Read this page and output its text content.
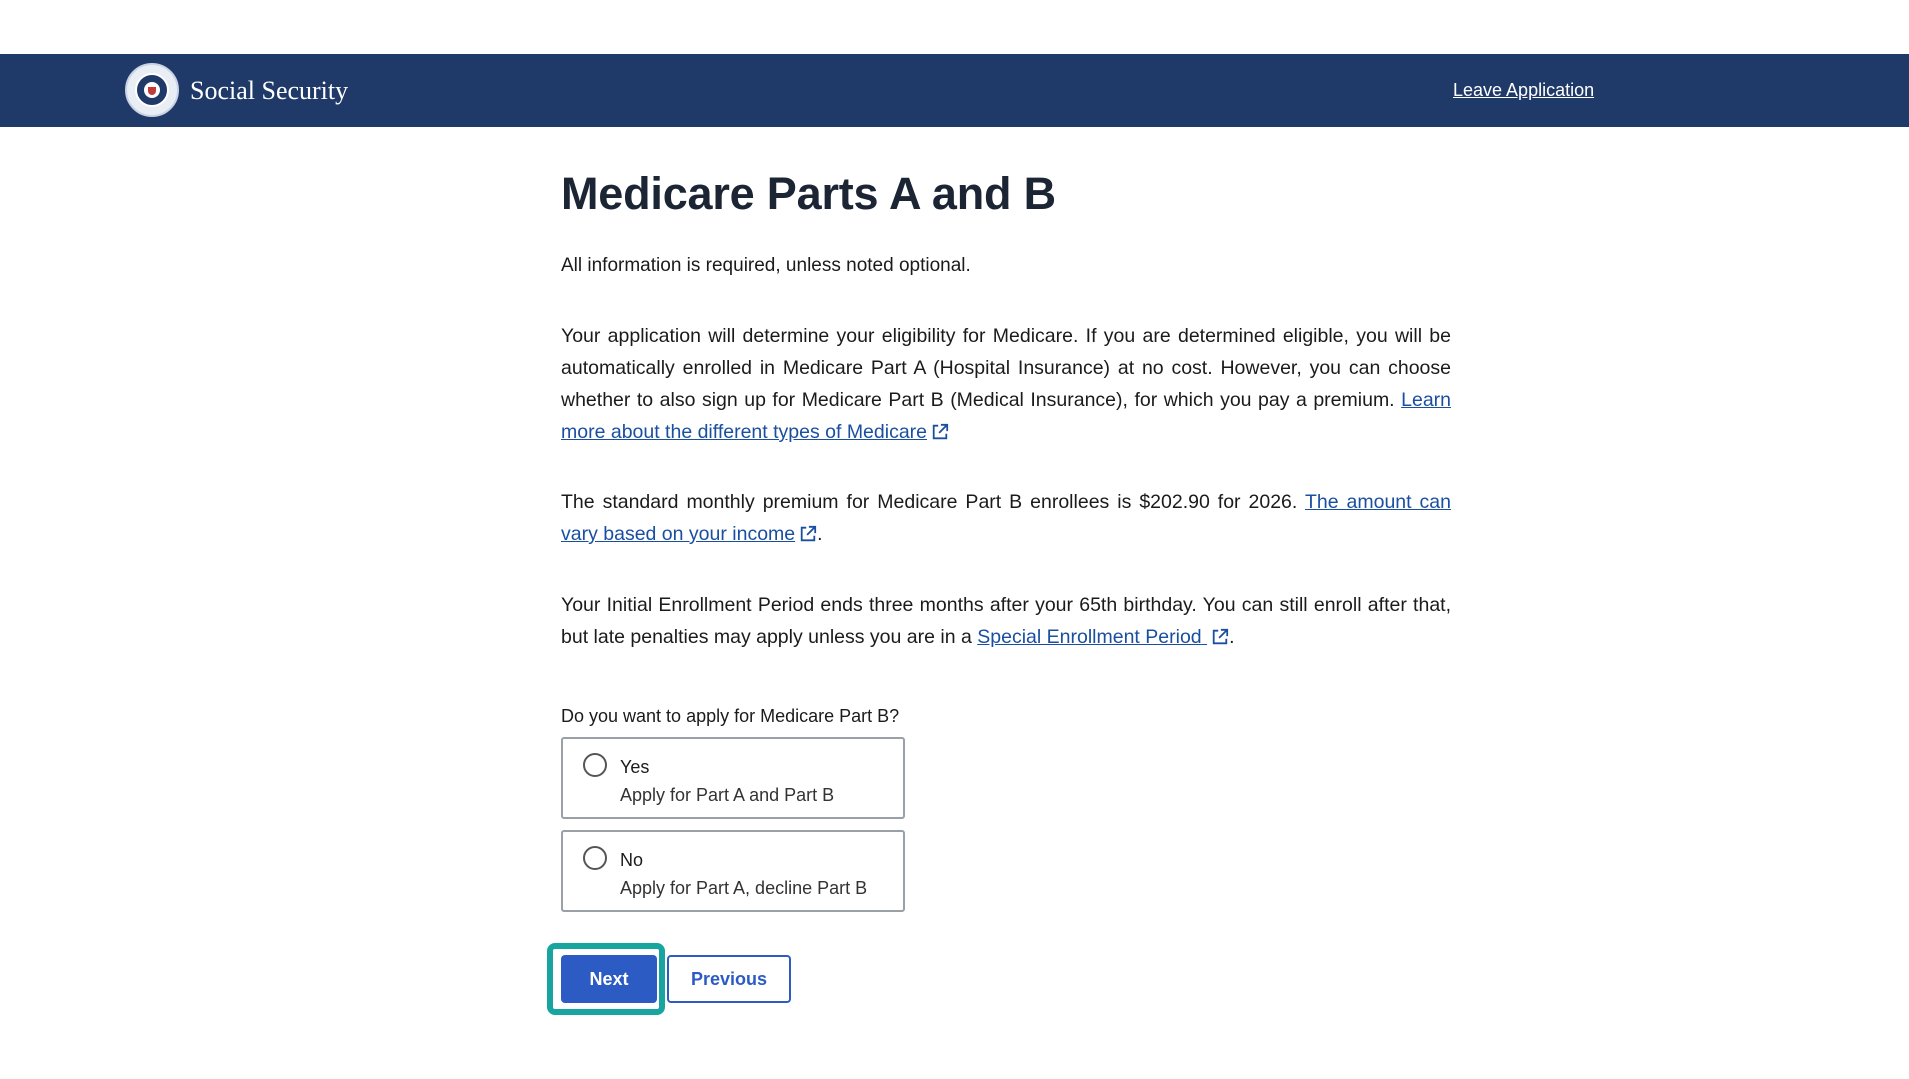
Social Security	Leave Application
Medicare Parts A and B
All information is required, unless noted optional.
Your application will determine your eligibility for Medicare. If you are determined eligible, you will be automatically enrolled in Medicare Part A (Hospital Insurance) at no cost. However, you can choose whether to also sign up for Medicare Part B (Medical Insurance), for which you pay a premium. Learn more about the different types of Medicare
The standard monthly premium for Medicare Part B enrollees is $202.90 for 2026. The amount can vary based on your income .
Your Initial Enrollment Period ends three months after your 65th birthday. You can still enroll after that, but late penalties may apply unless you are in a Special Enrollment Period .
Do you want to apply for Medicare Part B?
Yes
Apply for Part A and Part B
No
Apply for Part A, decline Part B
Next	Previous
